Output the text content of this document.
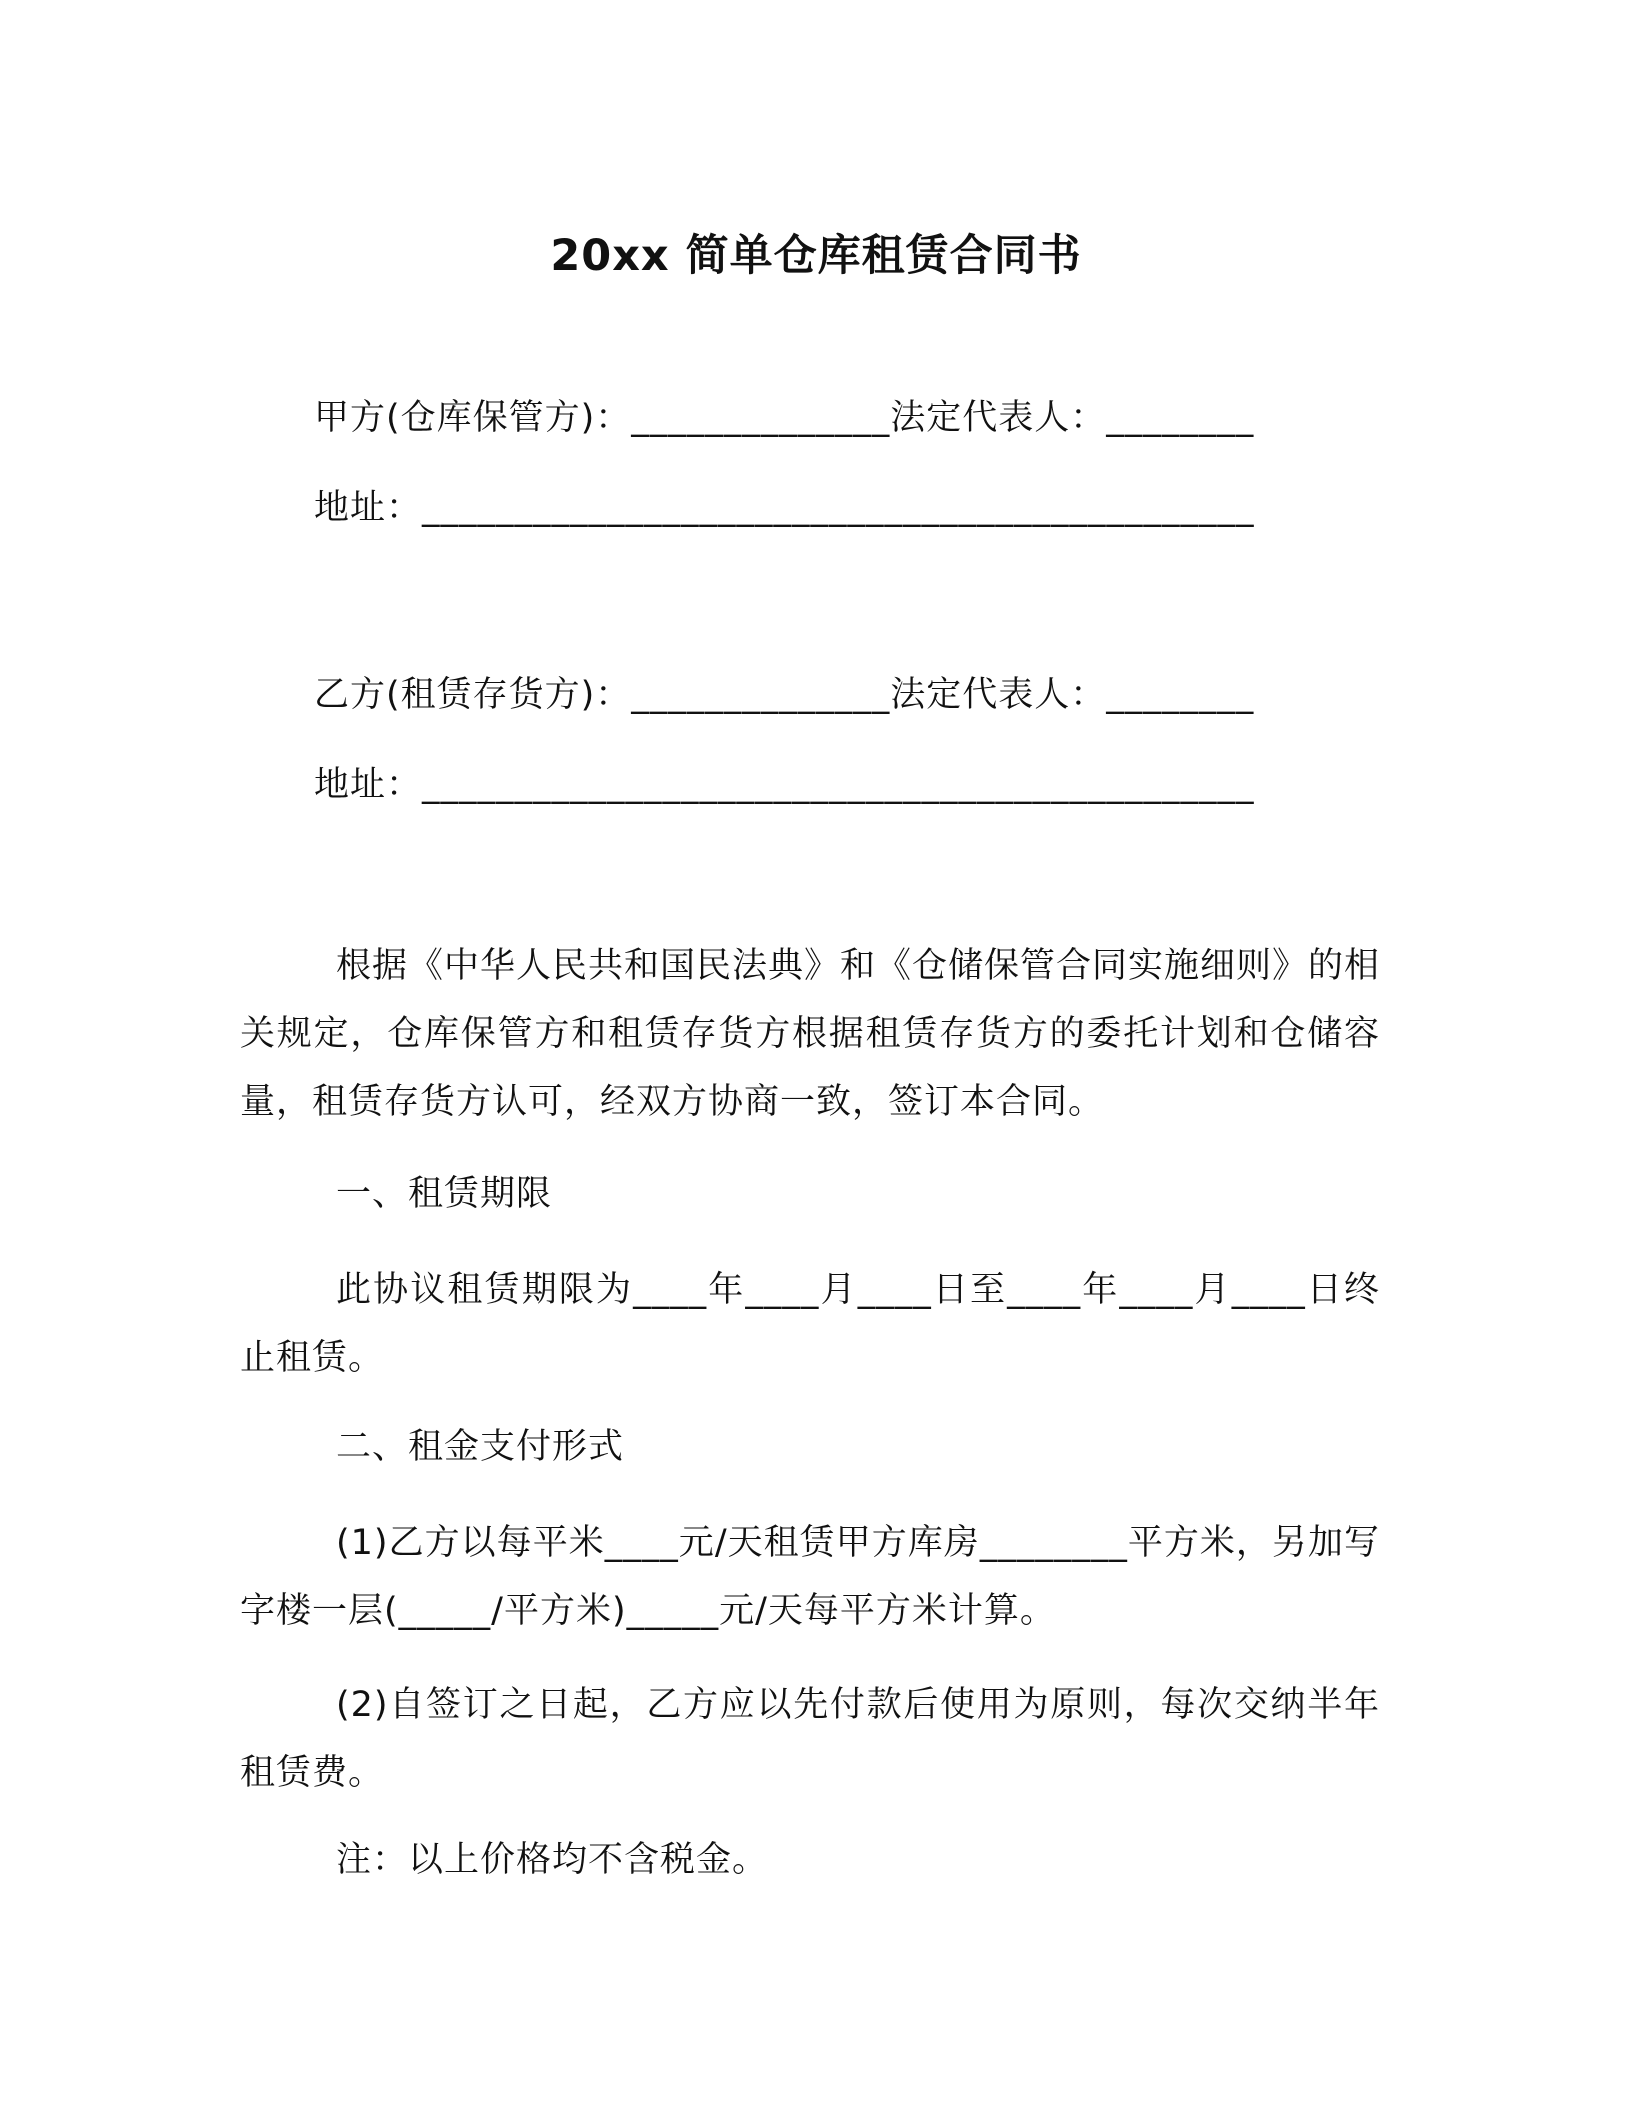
20xx 简单仓库租赁合同书
甲方(仓库保管方)：______________法定代表人：________
地址：_____________________________________________
乙方(租赁存货方)：______________法定代表人：________
地址：_____________________________________________
根据《中华人民共和国民法典》和《仓储保管合同实施细则》的相关规定，仓库保管方和租赁存货方根据租赁存货方的委托计划和仓储容量，租赁存货方认可，经双方协商一致，签订本合同。
一、租赁期限
此协议租赁期限为____年____月____日至____年____月____日终止租赁。
二、租金支付形式
(1)乙方以每平米____元/天租赁甲方库房________平方米，另加写字楼一层(_____/平方米)_____元/天每平方米计算。
(2)自签订之日起，乙方应以先付款后使用为原则，每次交纳半年租赁费。
注：以上价格均不含税金。
